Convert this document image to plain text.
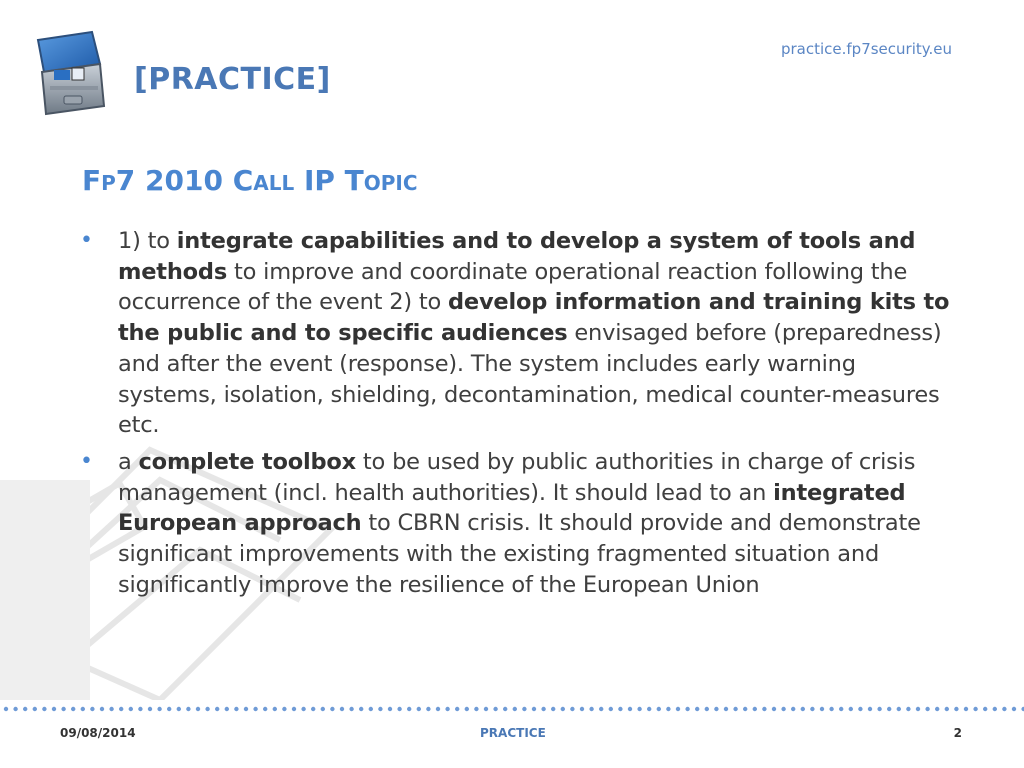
[PRACTICE]
practice.fp7security.eu
Fp7 2010 Call IP Topic
• 1) to integrate capabilities and to develop a system of tools and methods to improve and coordinate operational reaction following the occurrence of the event 2) to develop information and training kits to the public and to specific audiences envisaged before (preparedness) and after the event (response). The system includes early warning systems, isolation, shielding, decontamination, medical counter-measures etc.
• a complete toolbox to be used by public authorities in charge of crisis management (incl. health authorities). It should lead to an integrated European approach to CBRN crisis. It should provide and demonstrate significant improvements with the existing fragmented situation and significantly improve the resilience of the European Union
09/08/2014	PRACTICE	2
